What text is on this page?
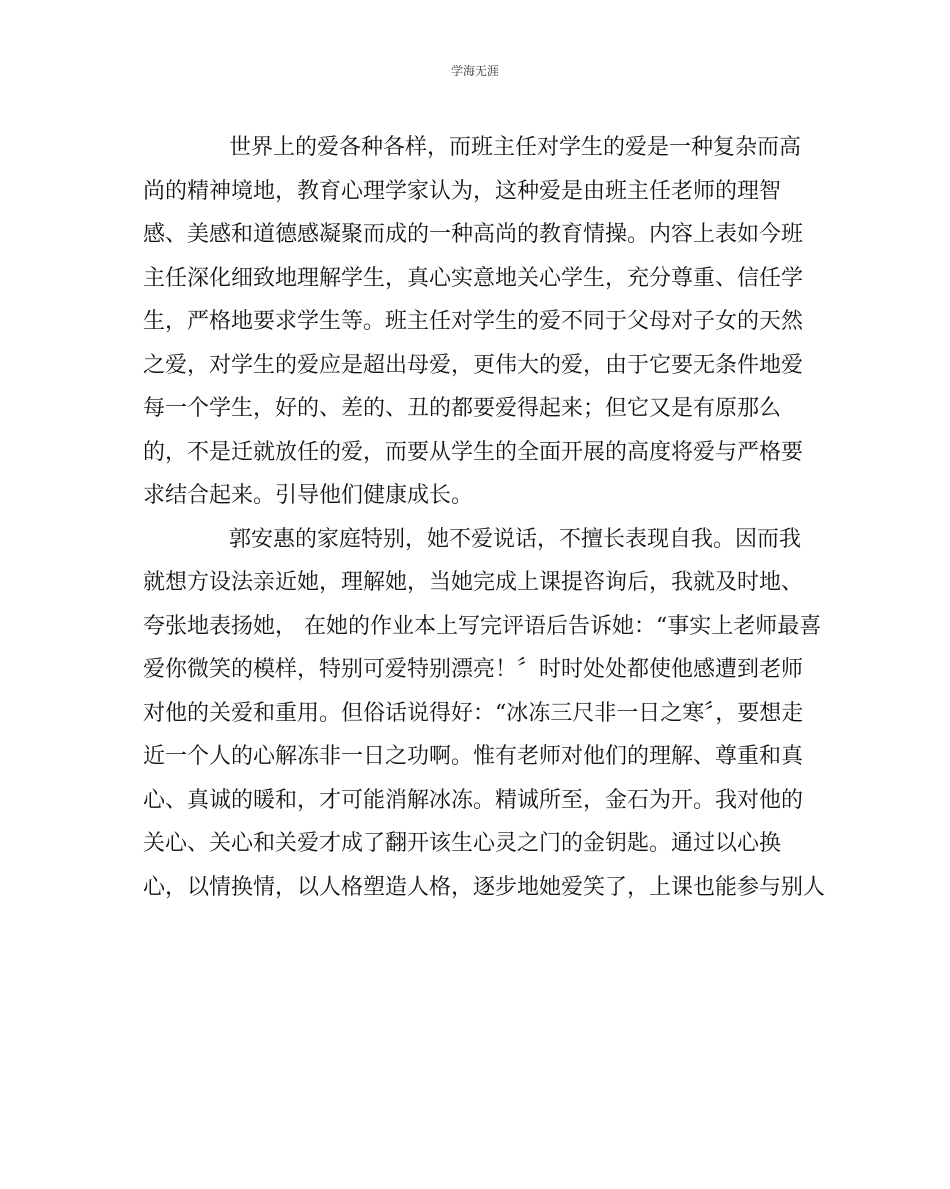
学海无涯
世界上的爱各种各样，而班主任对学生的爱是一种复杂而高
尚的精神境地，教育心理学家认为，这种爱是由班主任老师的理智
感、美感和道德感凝聚而成的一种高尚的教育情操。内容上表如今班
主任深化细致地理解学生，真心实意地关心学生，充分尊重、信任学
生，严格地要求学生等。班主任对学生的爱不同于父母对子女的天然
之爱，对学生的爱应是超出母爱，更伟大的爱，由于它要无条件地爱
每一个学生，好的、差的、丑的都要爱得起来；但它又是有原那么
的，不是迁就放任的爱，而要从学生的全面开展的高度将爱与严格要
求结合起来。引导他们健康成长。
郭安惠的家庭特别，她不爱说话，不擅长表现自我。因而我
就想方设法亲近她，理解她，当她完成上课提咨询后，我就及时地、
夸张地表扬她， 在她的作业本上写完评语后告诉她：“事实上老师最喜
爱你微笑的模样，特别可爱特别漂亮！〞时时处处都使他感遭到老师
对他的关爱和重用。但俗话说得好：“冰冻三尺非一日之寒〞，要想走
近一个人的心解冻非一日之功啊。惟有老师对他们的理解、尊重和真
心、真诚的暖和，才可能消解冰冻。精诚所至，金石为开。我对他的
关心、关心和关爱才成了翻开该生心灵之门的金钥匙。通过以心换
心，以情换情，以人格塑造人格，逐步地她爱笑了，上课也能参与别人
